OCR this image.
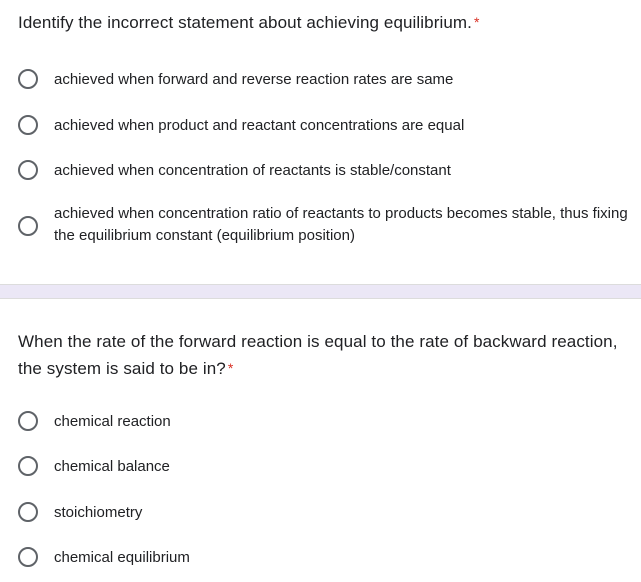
Identify the incorrect statement about achieving equilibrium. *
achieved when forward and reverse reaction rates are same
achieved when product and reactant concentrations are equal
achieved when concentration of reactants is stable/constant
achieved when concentration ratio of reactants to products becomes stable, thus fixing the equilibrium constant (equilibrium position)
When the rate of the forward reaction is equal to the rate of backward reaction, the system is said to be in? *
chemical reaction
chemical balance
stoichiometry
chemical equilibrium
